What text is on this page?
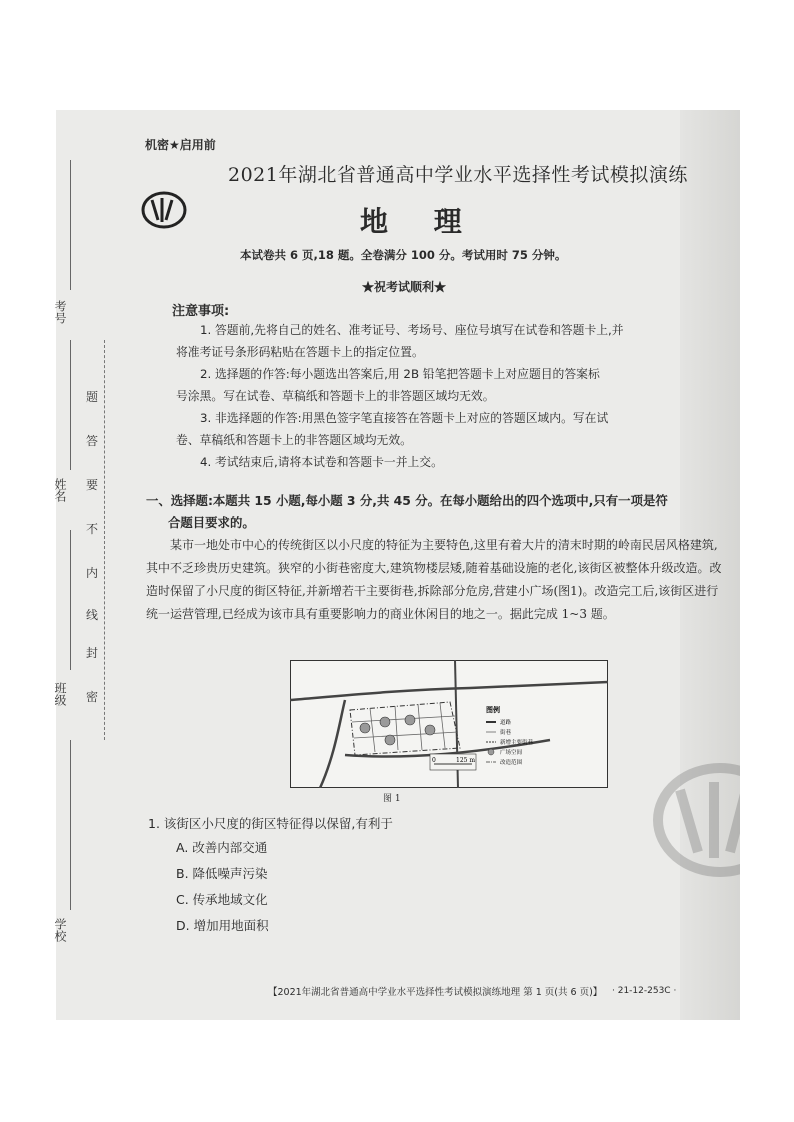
考号
姓名
班级
学校
密
封
线
内
不
要
答
题
机密★启用前
2021年湖北省普通高中学业水平选择性考试模拟演练
地 理
本试卷共 6 页,18 题。全卷满分 100 分。考试用时 75 分钟。
★祝考试顺利★
注意事项:
1. 答题前,先将自己的姓名、准考证号、考场号、座位号填写在试卷和答题卡上,并
将准考证号条形码粘贴在答题卡上的指定位置。
2. 选择题的作答:每小题选出答案后,用 2B 铅笔把答题卡上对应题目的答案标
号涂黑。写在试卷、草稿纸和答题卡上的非答题区域均无效。
3. 非选择题的作答:用黑色签字笔直接答在答题卡上对应的答题区域内。写在试
卷、草稿纸和答题卡上的非答题区域均无效。
4. 考试结束后,请将本试卷和答题卡一并上交。
一、选择题:本题共 15 小题,每小题 3 分,共 45 分。在每小题给出的四个选项中,只有一项是符
合题目要求的。
某市一地处市中心的传统街区以小尺度的特征为主要特色,这里有着大片的清末时期的岭南民居风格建筑,其中不乏珍贵历史建筑。狭窄的小街巷密度大,建筑物楼层矮,随着基础设施的老化,该街区被整体升级改造。改造时保留了小尺度的街区特征,并新增若干主要街巷,拆除部分危房,营建小广场(图1)。改造完工后,该街区进行统一运营管理,已经成为该市具有重要影响力的商业休闲目的地之一。据此完成 1~3 题。
0	125 m
图例
道路
街巷
新增主要街巷
广场空间
改造范围
图 1
1. 该街区小尺度的街区特征得以保留,有利于
A. 改善内部交通
B. 降低噪声污染
C. 传承地域文化
D. 增加用地面积
【2021年湖北省普通高中学业水平选择性考试模拟演练地理 第 1 页(共 6 页)】 · 21-12-253C ·
